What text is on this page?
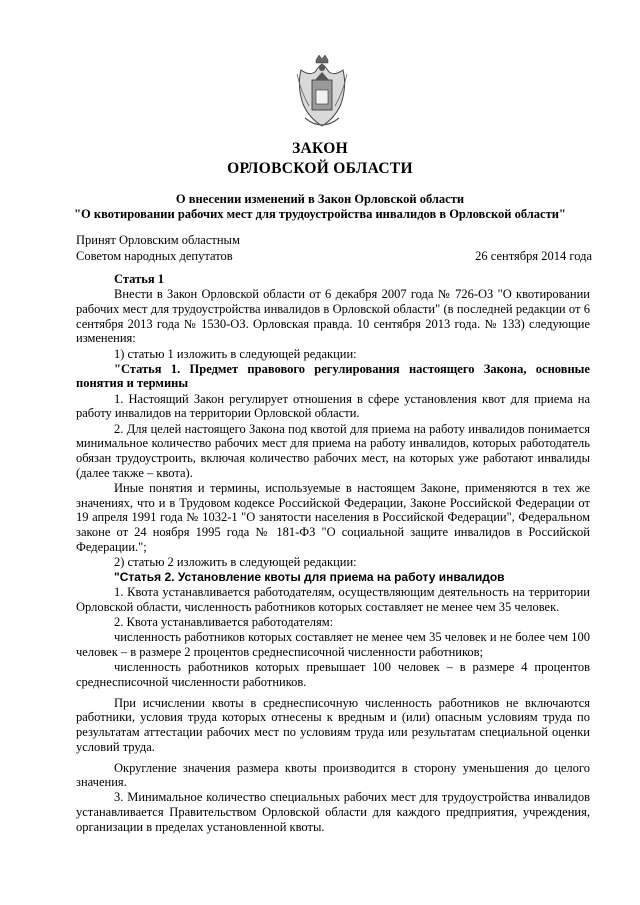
ЗАКОН
ОРЛОВСКОЙ ОБЛАСТИ
О внесении изменений в Закон Орловской области
"О квотировании рабочих мест для трудоустройства инвалидов в Орловской области"
Принят Орловским областным
Советом народных депутатов	26 сентября 2014 года

Статья 1

Внести в Закон Орловской области от 6 декабря 2007 года № 726-ОЗ "О квотировании рабочих мест для трудоустройства инвалидов в Орловской области" (в последней редакции от 6 сентября 2013 года № 1530-ОЗ. Орловская правда. 10 сентября 2013 года. № 133) следующие изменения:

1) статью 1 изложить в следующей редакции:

"Статья 1. Предмет правового регулирования настоящего Закона, основные понятия и термины

1. Настоящий Закон регулирует отношения в сфере установления квот для приема на работу инвалидов на территории Орловской области.

2. Для целей настоящего Закона под квотой для приема на работу инвалидов понимается минимальное количество рабочих мест для приема на работу инвалидов, которых работодатель обязан трудоустроить, включая количество рабочих мест, на которых уже работают инвалиды (далее также – квота).

Иные понятия и термины, используемые в настоящем Законе, применяются в тех же значениях, что и в Трудовом кодексе Российской Федерации, Законе Российской Федерации от 19 апреля 1991 года № 1032-1 "О занятости населения в Российской Федерации", Федеральном законе от 24 ноября 1995 года № 181-ФЗ "О социальной защите инвалидов в Российской Федерации.";

2) статью 2 изложить в следующей редакции:

"Статья 2. Установление квоты для приема на работу инвалидов

1. Квота устанавливается работодателям, осуществляющим деятельность на территории Орловской области, численность работников которых составляет не менее чем 35 человек.

2. Квота устанавливается работодателям:

численность работников которых составляет не менее чем 35 человек и не более чем 100 человек – в размере 2 процентов среднесписочной численности работников;

численность работников которых превышает 100 человек – в размере 4 процентов среднесписочной численности работников.

При исчислении квоты в среднесписочную численность работников не включаются работники, условия труда которых отнесены к вредным и (или) опасным условиям труда по результатам аттестации рабочих мест по условиям труда или результатам специальной оценки условий труда.

Округление значения размера квоты производится в сторону уменьшения до целого значения.

3. Минимальное количество специальных рабочих мест для трудоустройства инвалидов устанавливается Правительством Орловской области для каждого предприятия, учреждения, организации в пределах установленной квоты.
